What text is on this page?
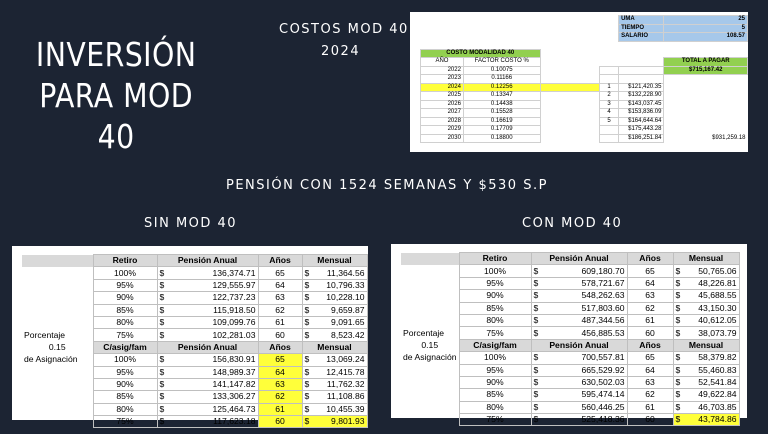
INVERSIÓN PARA MOD 40
COSTOS MOD 40
2024
PENSIÓN CON 1524 SEMANAS Y $530 S.P
SIN MOD 40	CON MOD 40
				UMA	25	
				TIEMPO	5	
				SALARIO	108.57	

COSTO MODALIDAD 40						
AÑO	FACTOR COSTO %				TOTAL A PAGAR	
2022	0.10075				$715,167.42	
2023	0.11166					
2024	0.12256		1	$121,420.35		
2025	0.13347		2	$132,228.90		
2026	0.14438		3	$143,037.45		
2027	0.15528		4	$153,836.09		
2028	0.16619		5	$164,644.64		
2029	0.17709			$175,443.28		
2030	0.18800			$186,251.84	$931,259.18	
	Retiro	Pensión Anual		Años	Mensual	
	100%	$	136,374.71	65	$	11,364.56
	95%	$	129,555.97	64	$	10,796.33
	90%	$	122,737.23	63	$	10,228.10
	85%	$	115,918.50	62	$	9,659.87
	80%	$	109,099.76	61	$	9,091.65
Porcentaje	75%	$	102,281.03	60	$	8,523.42
0.15	C/asig/fam	Pensión Anual		Años	Mensual	
de Asignación	100%	$	156,830.91	65	$	13,069.24
	95%	$	148,989.37	64	$	12,415.78
	90%	$	141,147.82	63	$	11,762.32
	85%	$	133,306.27	62	$	11,108.86
	80%	$	125,464.73	61	$	10,455.39
	75%	$	117,623.18	60	$	9,801.93
	Retiro	Pensión Anual		Años	Mensual	
	100%	$	609,180.70	65	$	50,765.06
	95%	$	578,721.67	64	$	48,226.81
	90%	$	548,262.63	63	$	45,688.55
	85%	$	517,803.60	62	$	43,150.30
	80%	$	487,344.56	61	$	40,612.05
Porcentaje	75%	$	456,885.53	60	$	38,073.79
0.15	C/asig/fam	Pensión Anual		Años	Mensual	
de Asignación	100%	$	700,557.81	65	$	58,379.82
	95%	$	665,529.92	64	$	55,460.83
	90%	$	630,502.03	63	$	52,541.84
	85%	$	595,474.14	62	$	49,622.84
	80%	$	560,446.25	61	$	46,703.85
	75%	$	525,418.36	60	$	43,784.86
